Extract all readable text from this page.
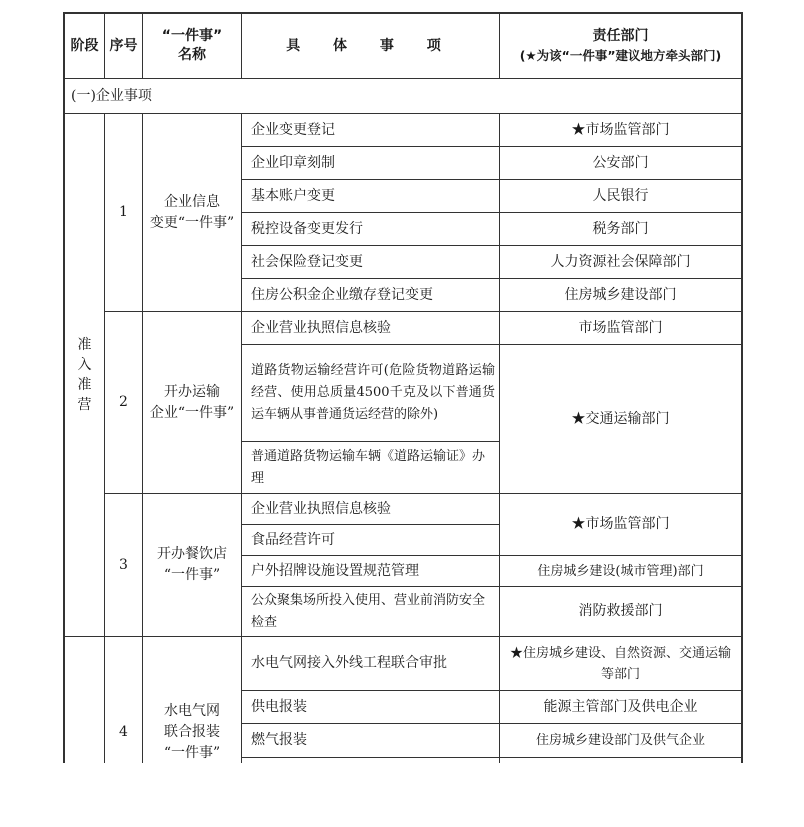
阶段 序号
“一件事”
名称
具 体 事 项
责任部门
(★为该“一件事”建议地方牵头部门)
(一)企业事项
准
入
准
营
1
企业信息
变更“一件事”
企业变更登记
企业印章刻制
基本账户变更
税控设备变更发行
社会保险登记变更
住房公积金企业缴存登记变更
★市场监管部门
公安部门
人民银行
税务部门
人力资源社会保障部门
住房城乡建设部门
2
开办运输
企业“一件事”
企业营业执照信息核验
道路货物运输经营许可(危险货物道路运输经营、使用总质量4500千克及以下普通货运车辆从事普通货运经营的除外)
普通道路货物运输车辆《道路运输证》办理
市场监管部门
★交通运输部门
3
开办餐饮店
“一件事”
企业营业执照信息核验
食品经营许可
户外招牌设施设置规范管理
公众聚集场所投入使用、营业前消防安全检查
★市场监管部门
住房城乡建设(城市管理)部门
消防救援部门
4
水电气网
联合报装
“一件事”
水电气网接入外线工程联合审批
供电报装
燃气报装
★住房城乡建设、自然资源、交通运输等部门
能源主管部门及供电企业
住房城乡建设部门及供气企业
